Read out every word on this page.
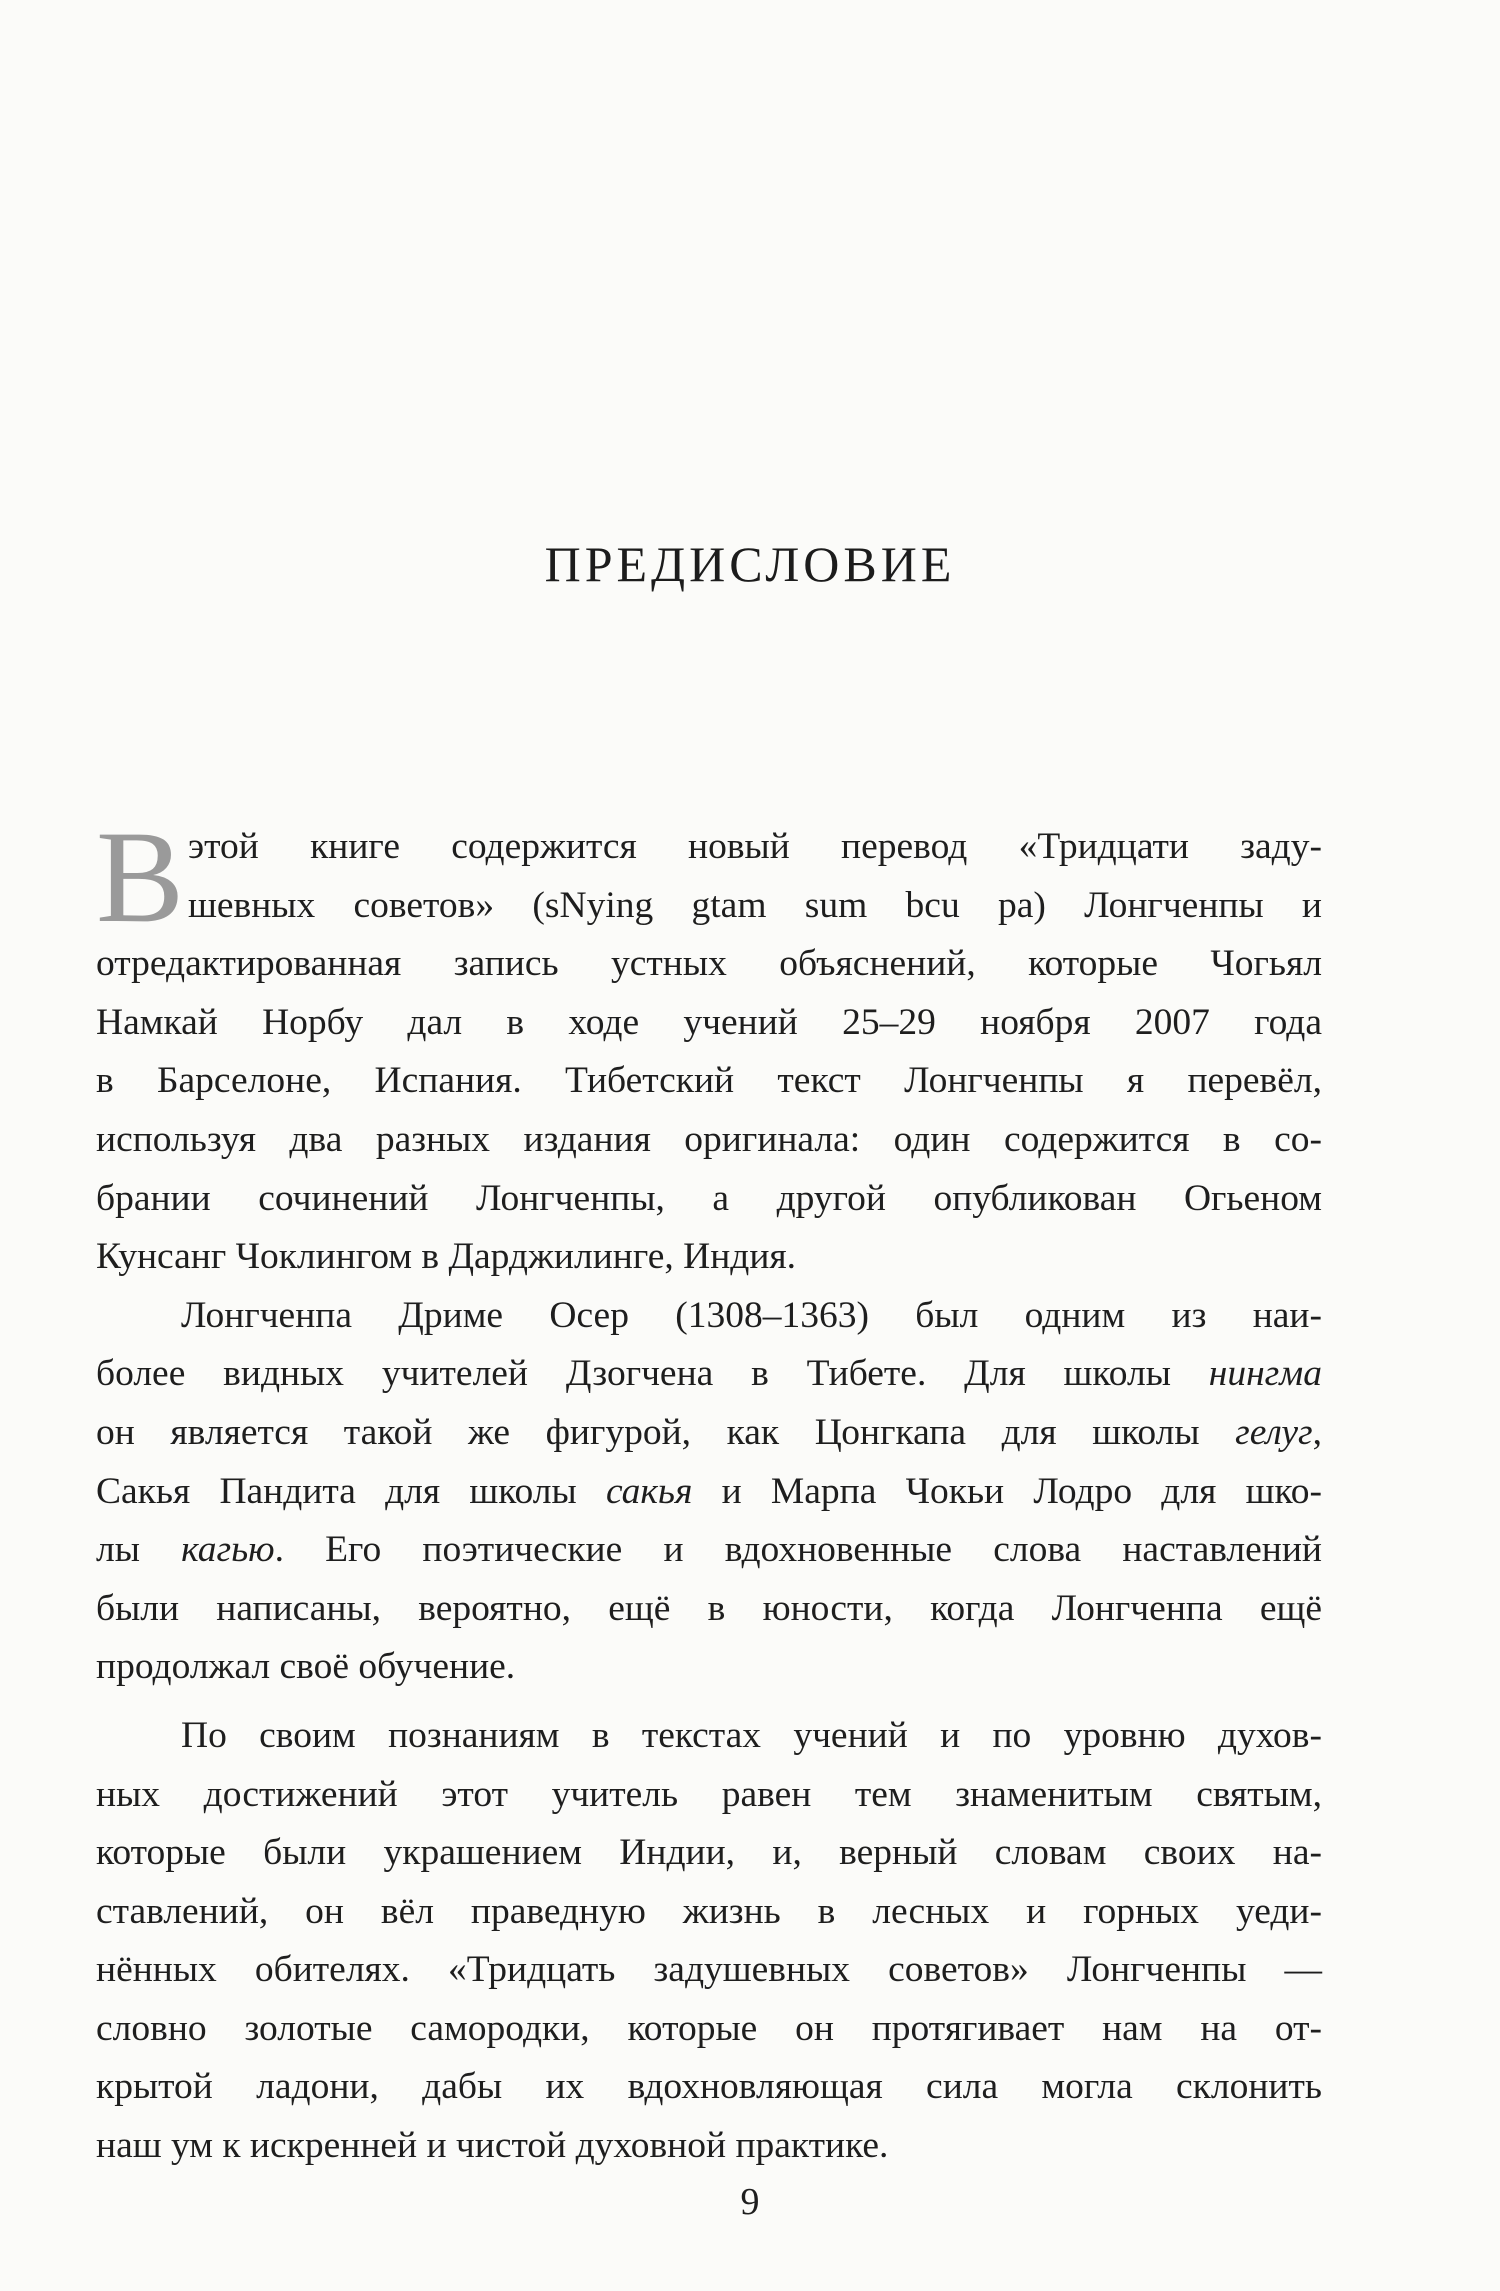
ПРЕДИСЛОВИЕ
В этой книге содержится новый перевод «Тридцати заду-
шевных советов» (sNying gtam sum bcu pa) Лонгченпы и
отредактированная запись устных объяснений, которые Чогьял
Намкай Норбу дал в ходе учений 25–29 ноября 2007 года
в Барселоне, Испания. Тибетский текст Лонгченпы я перевёл,
используя два разных издания оригинала: один содержится в со-
брании сочинений Лонгченпы, а другой опубликован Огьеном
Кунсанг Чоклингом в Дарджилинге, Индия.

Лонгченпа Дриме Осер (1308–1363) был одним из наи-
более видных учителей Дзогчена в Тибете. Для школы нингма
он является такой же фигурой, как Цонгкапа для школы гелуг,
Сакья Пандита для школы сакья и Марпа Чокьи Лодро для шко-
лы кагью. Его поэтические и вдохновенные слова наставлений
были написаны, вероятно, ещё в юности, когда Лонгченпа ещё
продолжал своё обучение.

По своим познаниям в текстах учений и по уровню духов-
ных достижений этот учитель равен тем знаменитым святым,
которые были украшением Индии, и, верный словам своих на-
ставлений, он вёл праведную жизнь в лесных и горных уеди-
нённых обителях. «Тридцать задушевных советов» Лонгченпы —
словно золотые самородки, которые он протягивает нам на от-
крытой ладони, дабы их вдохновляющая сила могла склонить
наш ум к искренней и чистой духовной практике.

9
